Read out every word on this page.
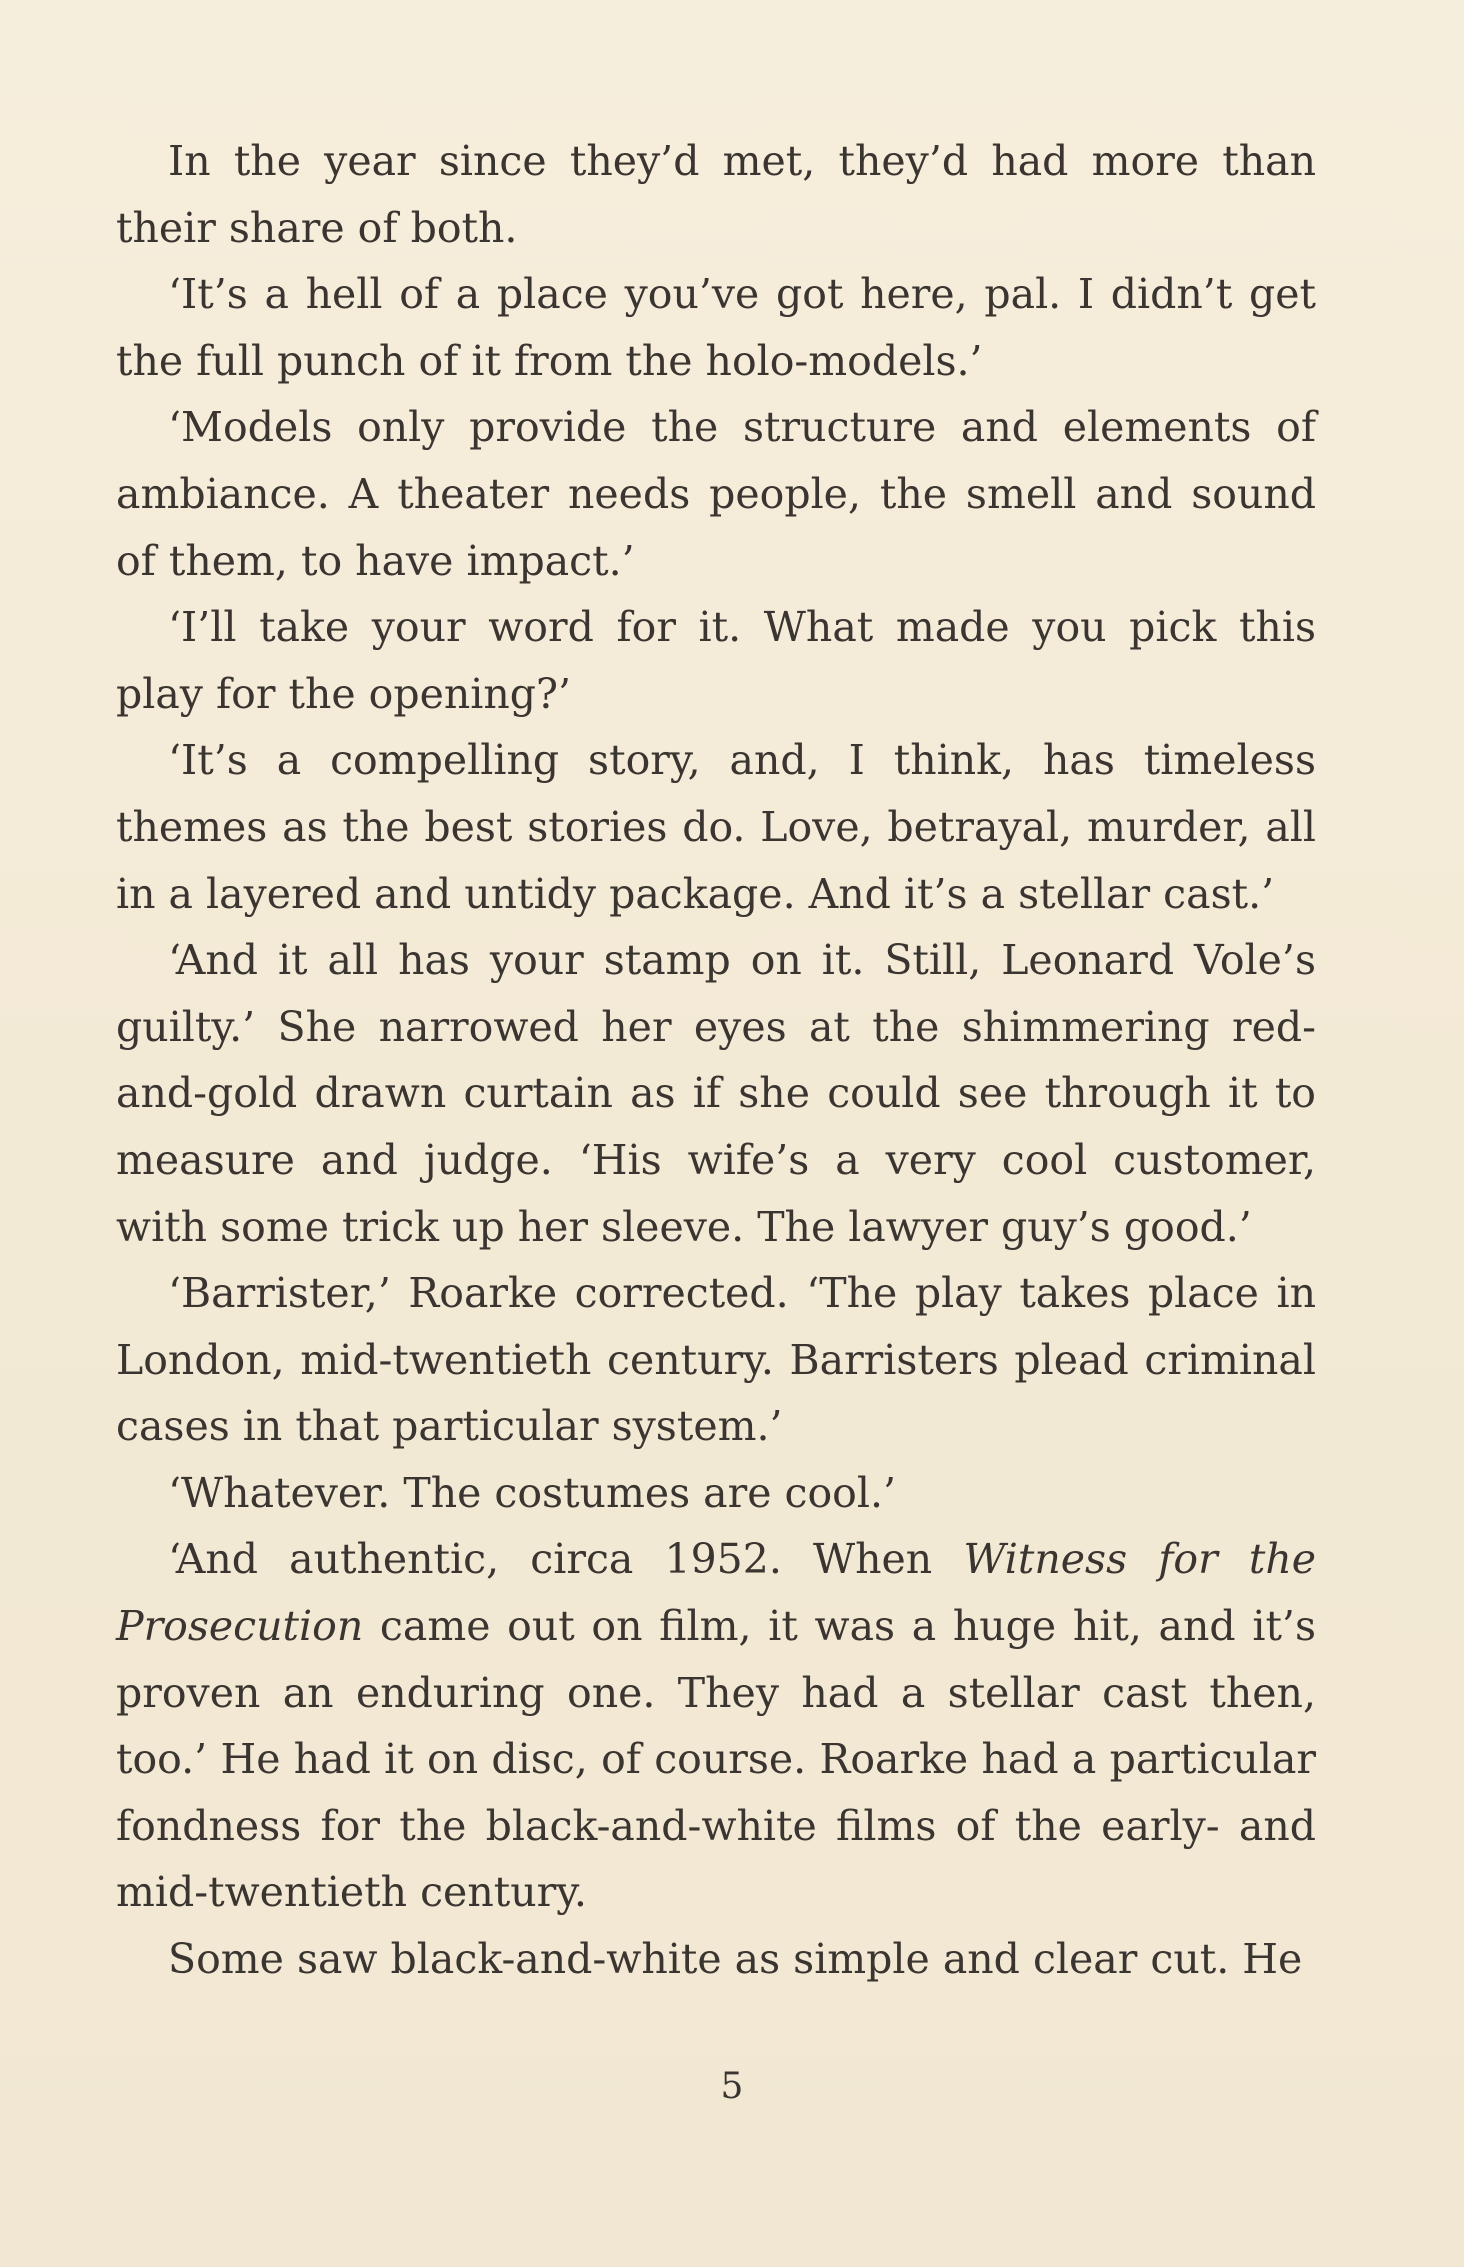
In the year since they’d met, they’d had more than their share of both.

‘It’s a hell of a place you’ve got here, pal. I didn’t get the full punch of it from the holo-models.’

‘Models only provide the structure and elements of ambiance. A theater needs people, the smell and sound of them, to have impact.’

‘I’ll take your word for it. What made you pick this play for the opening?’

‘It’s a compelling story, and, I think, has timeless themes as the best stories do. Love, betrayal, murder, all in a layered and untidy package. And it’s a stellar cast.’

‘And it all has your stamp on it. Still, Leonard Vole’s guilty.’ She narrowed her eyes at the shimmering red-and-gold drawn curtain as if she could see through it to measure and judge. ‘His wife’s a very cool customer, with some trick up her sleeve. The lawyer guy’s good.’

‘Barrister,’ Roarke corrected. ‘The play takes place in London, mid-twentieth century. Barristers plead criminal cases in that particular system.’

‘Whatever. The costumes are cool.’

‘And authentic, circa 1952. When Witness for the Prosecution came out on film, it was a huge hit, and it’s proven an enduring one. They had a stellar cast then, too.’ He had it on disc, of course. Roarke had a particular fondness for the black-and-white films of the early- and mid-twentieth century.

Some saw black-and-white as simple and clear cut. He

5
